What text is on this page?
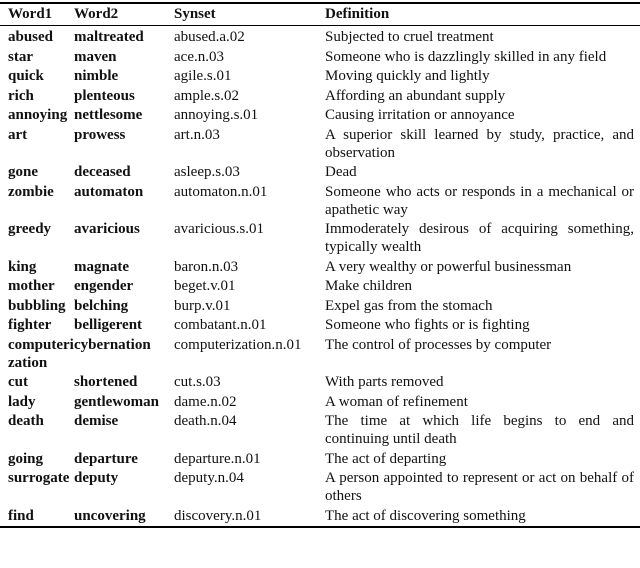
Word1	Word2	Synset	Definition
abused	maltreated	abused.a.02	Subjected to cruel treatment
star	maven	ace.n.03	Someone who is dazzlingly skilled in any field
quick	nimble	agile.s.01	Moving quickly and lightly
rich	plenteous	ample.s.02	Affording an abundant supply
annoying	nettlesome	annoying.s.01	Causing irritation or annoyance
art	prowess	art.n.03	A superior skill learned by study, practice, and observation
gone	deceased	asleep.s.03	Dead
zombie	automaton	automaton.n.01	Someone who acts or responds in a mechanical or apathetic way
greedy	avaricious	avaricious.s.01	Immoderately desirous of acquiring something, typically wealth
king	magnate	baron.n.03	A very wealthy or powerful businessman
mother	engender	beget.v.01	Make children
bubbling	belching	burp.v.01	Expel gas from the stomach
fighter	belligerent	combatant.n.01	Someone who fights or is fighting
computerization	cybernation	computerization.n.01	The control of processes by computer
cut	shortened	cut.s.03	With parts removed
lady	gentlewoman	dame.n.02	A woman of refinement
death	demise	death.n.04	The time at which life begins to end and continuing until death
going	departure	departure.n.01	The act of departing
surrogate	deputy	deputy.n.04	A person appointed to represent or act on behalf of others
find	uncovering	discovery.n.01	The act of discovering something
